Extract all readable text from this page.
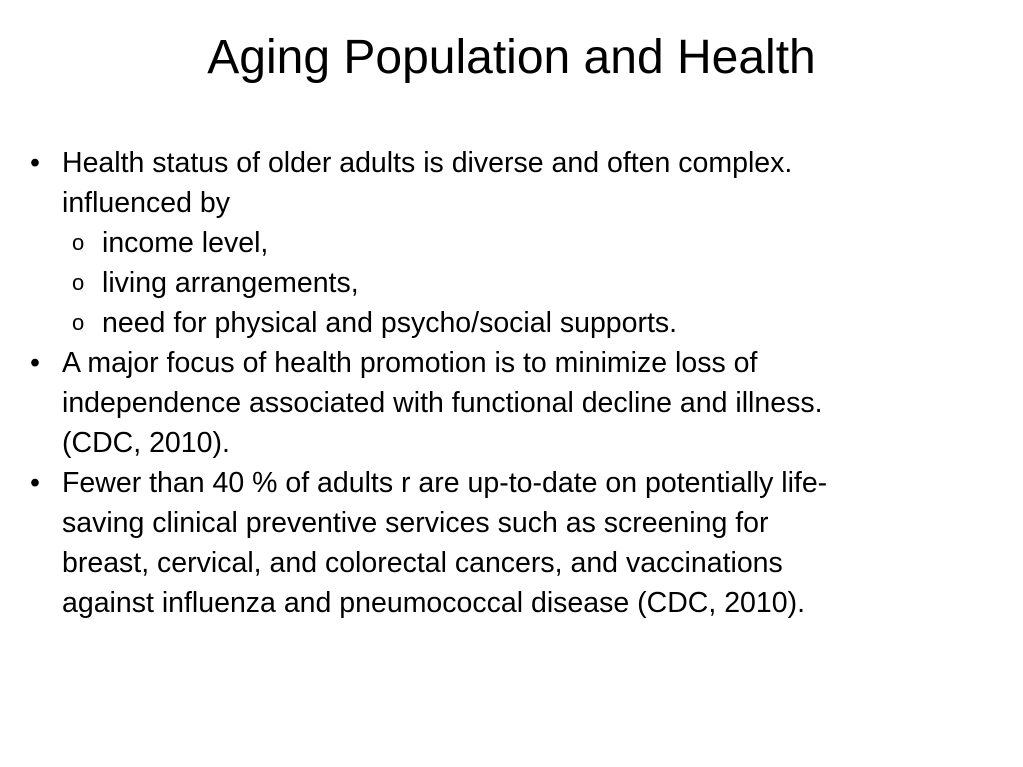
Aging Population and Health
• Health status of older adults is diverse and often complex.
influenced by
o income level,
o living arrangements,
o need for physical and psycho/social supports.
• A major focus of health promotion is to minimize loss of
independence associated with functional decline and illness.
(CDC, 2010).
• Fewer than 40 % of adults r are up-to-date on potentially life-
saving clinical preventive services such as screening for
breast, cervical, and colorectal cancers, and vaccinations
against influenza and pneumococcal disease (CDC, 2010).
